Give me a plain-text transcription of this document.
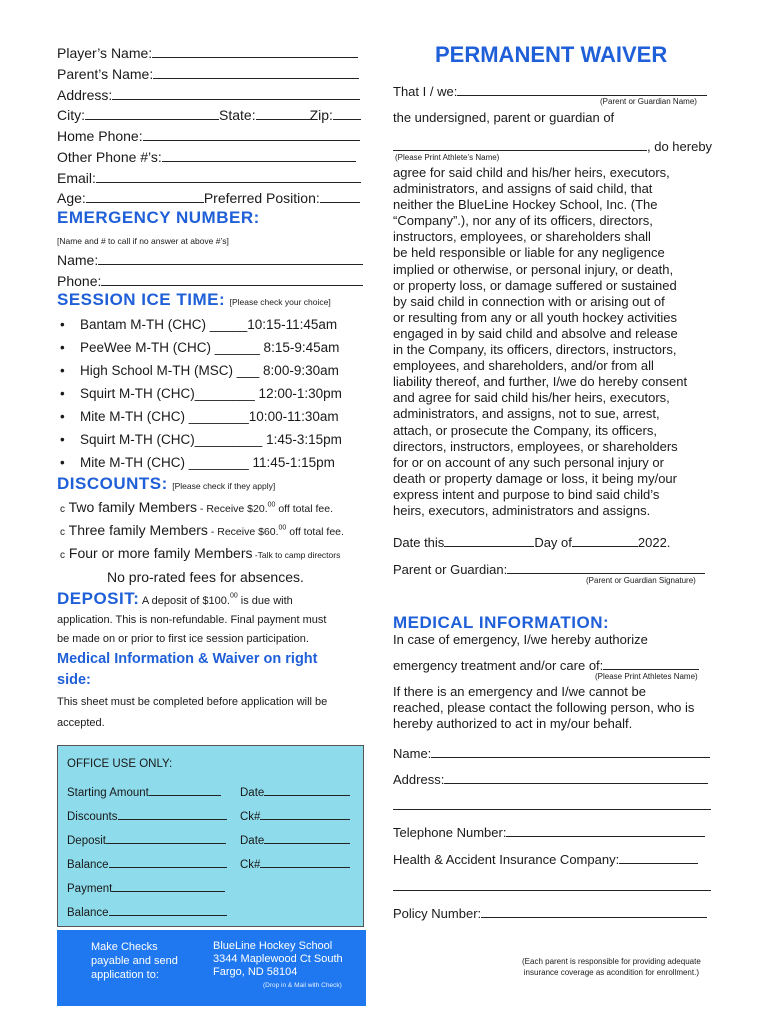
Player’s Name:
Parent’s Name:
Address:
City:	State:	Zip:
Home Phone:
Other Phone #’s:
Email:
Age:	Preferred Position:
EMERGENCY NUMBER:
[Name and # to call if no answer at above #’s]
Name:
Phone:
SESSION ICE TIME: [Please check your choice]
• Bantam M-TH (CHC) _____10:15-11:45am
• PeeWee M-TH (CHC) ______ 8:15-9:45am
• High School M-TH (MSC) ___ 8:00-9:30am
• Squirt M-TH (CHC)________ 12:00-1:30pm
• Mite M-TH (CHC) ________10:00-11:30am
• Squirt M-TH (CHC)_________ 1:45-3:15pm
• Mite M-TH (CHC) ________ 11:45-1:15pm
DISCOUNTS: [Please check if they apply]
c Two family Members - Receive $20.00 off total fee.
c Three family Members - Receive $60.00 off total fee.
c Four or more family Members -Talk to camp directors
No pro-rated fees for absences.
DEPOSIT: A deposit of $100.00 is due with
application. This is non-refundable. Final payment must
be made on or prior to first ice session participation.
Medical Information & Waiver on right
side:
This sheet must be completed before application will be
accepted.
OFFICE USE ONLY:
Starting Amount	Date
Discounts	Ck#
Deposit	Date
Balance	Ck#
Payment
Balance
Make Checks
payable and send
application to:
BlueLine Hockey School
3344 Maplewood Ct South
Fargo, ND 58104
(Drop in & Mail with Check)
PERMANENT WAIVER
That I / we:
(Parent or Guardian Name)
the undersigned, parent or guardian of
, do hereby
(Please Print Athlete’s Name)
agree for said child and his/her heirs, executors,
administrators, and assigns of said child, that
neither the BlueLine Hockey School, Inc. (The
“Company”.), nor any of its officers, directors,
instructors, employees, or shareholders shall
be held responsible or liable for any negligence
implied or otherwise, or personal injury, or death,
or property loss, or damage suffered or sustained
by said child in connection with or arising out of
or resulting from any or all youth hockey activities
engaged in by said child and absolve and release
in the Company, its officers, directors, instructors,
employees, and shareholders, and/or from all
liability thereof, and further, I/we do hereby consent
and agree for said child his/her heirs, executors,
administrators, and assigns, not to sue, arrest,
attach, or prosecute the Company, its officers,
directors, instructors, employees, or shareholders
for or on account of any such personal injury or
death or property damage or loss, it being my/our
express intent and purpose to bind said child’s
heirs, executors, administrators and assigns.
Date this	Day of	2022.
Parent or Guardian:
(Parent or Guardian Signature)
MEDICAL INFORMATION:
In case of emergency, I/we hereby authorize
emergency treatment and/or care of:
(Please Print Athletes Name)
If there is an emergency and I/we cannot be
reached, please contact the following person, who is
hereby authorized to act in my/our behalf.
Name:
Address:
Telephone Number:
Health & Accident Insurance Company:
Policy Number:
(Each parent is responsible for providing adequate
insurance coverage as acondition for enrollment.)
